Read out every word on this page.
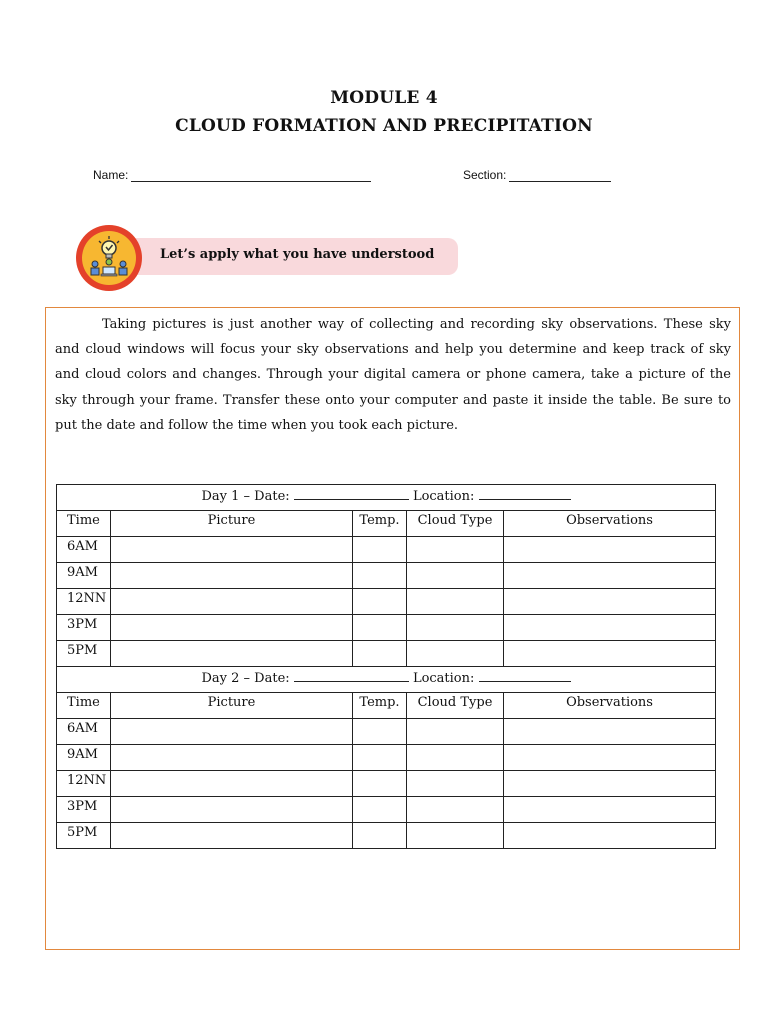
MODULE 4
CLOUD FORMATION AND PRECIPITATION
Name:	Section:
Let’s apply what you have understood

Taking pictures is just another way of collecting and recording sky observations. These sky and cloud windows will focus your sky observations and help you determine and keep track of sky and cloud colors and changes. Through your digital camera or phone camera, take a picture of the sky through your frame. Transfer these onto your computer and paste it inside the table. Be sure to put the date and follow the time when you took each picture.

Day 1 – Date: Location:				
Time	Picture	Temp.	Cloud Type	Observations
6AM				
9AM				
12NN				
3PM				
5PM				
Day 2 – Date: Location:				
Time	Picture	Temp.	Cloud Type	Observations
6AM				
9AM				
12NN				
3PM				
5PM				
